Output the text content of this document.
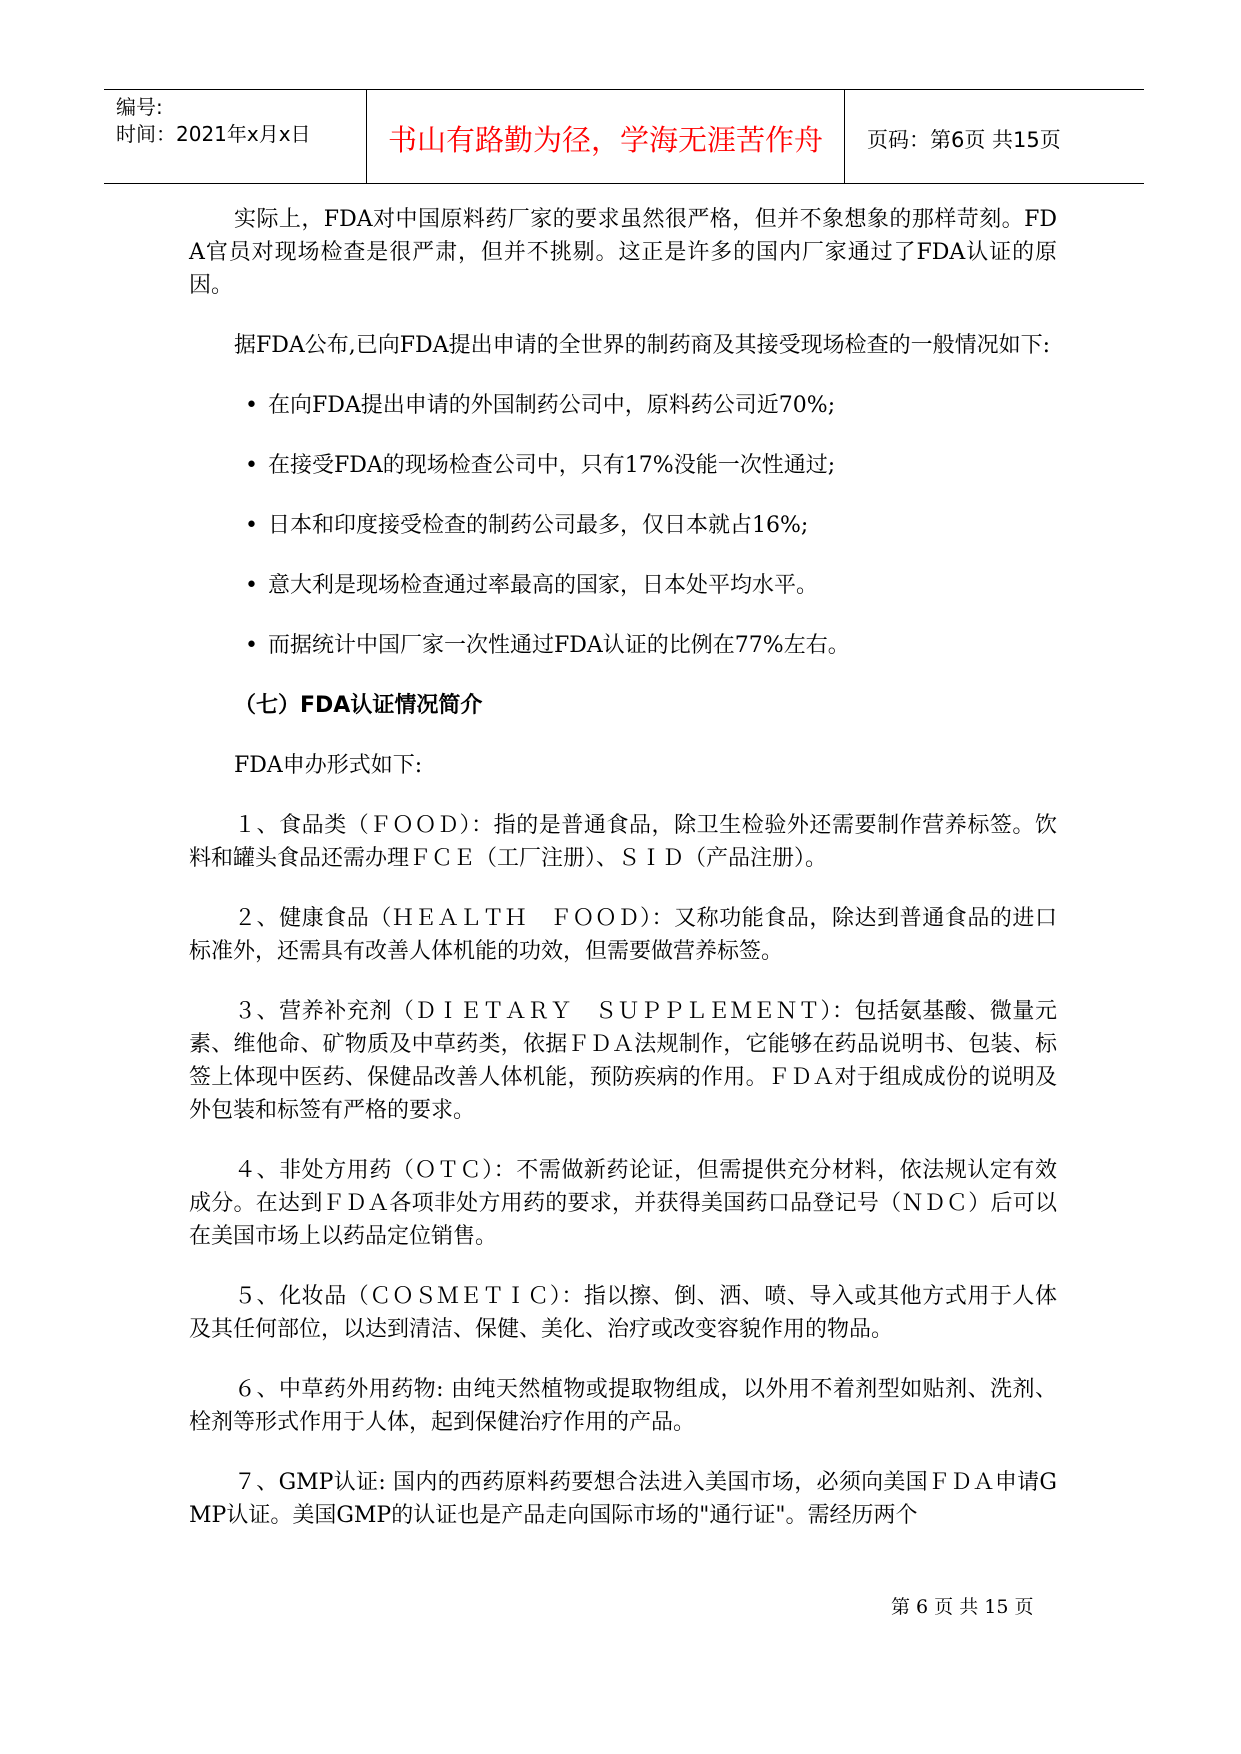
编号:
时间：2021年x月x日	书山有路勤为径，学海无涯苦作舟	页码：第6页 共15页

实际上，FDA对中国原料药厂家的要求虽然很严格，但并不象想象的那样苛刻。FDA官员对现场检查是很严肃，但并不挑剔。这正是许多的国内厂家通过了FDA认证的原因。

据FDA公布,已向FDA提出申请的全世界的制药商及其接受现场检查的一般情况如下:

• 在向FDA提出申请的外国制药公司中，原料药公司近70%;
• 在接受FDA的现场检查公司中，只有17%没能一次性通过;
• 日本和印度接受检查的制药公司最多，仅日本就占16%;
• 意大利是现场检查通过率最高的国家，日本处平均水平。
• 而据统计中国厂家一次性通过FDA认证的比例在77%左右。
（七）FDA认证情况简介

FDA申办形式如下:

１、食品类（ＦＯＯＤ）：指的是普通食品，除卫生检验外还需要制作营养标签。饮料和罐头食品还需办理ＦＣＥ（工厂注册）、ＳＩＤ（产品注册）。

２、健康食品（ＨＥＡＬＴＨ　ＦＯＯＤ）：又称功能食品，除达到普通食品的进口标准外，还需具有改善人体机能的功效，但需要做营养标签。

３、营养补充剂（ＤＩＥＴＡＲＹ　ＳＵＰＰＬＥＭＥＮＴ）：包括氨基酸、微量元素、维他命、矿物质及中草药类，依据ＦＤＡ法规制作，它能够在药品说明书、包装、标签上体现中医药、保健品改善人体机能，预防疾病的作用。ＦＤＡ对于组成成份的说明及外包装和标签有严格的要求。

４、非处方用药（ＯＴＣ）：不需做新药论证，但需提供充分材料，依法规认定有效成分。在达到ＦＤＡ各项非处方用药的要求，并获得美国药口品登记号（ＮＤＣ）后可以在美国市场上以药品定位销售。

５、化妆品（ＣＯＳＭＥＴＩＣ）：指以擦、倒、洒、喷、导入或其他方式用于人体及其任何部位，以达到清洁、保健、美化、治疗或改变容貌作用的物品。

６、中草药外用药物: 由纯天然植物或提取物组成，以外用不着剂型如贴剂、洗剂、栓剂等形式作用于人体，起到保健治疗作用的产品。

７、GMP认证: 国内的西药原料药要想合法进入美国市场，必须向美国ＦＤＡ申请GMP认证。美国GMP的认证也是产品走向国际市场的"通行证"。需经历两个

第 6 页 共 15 页
